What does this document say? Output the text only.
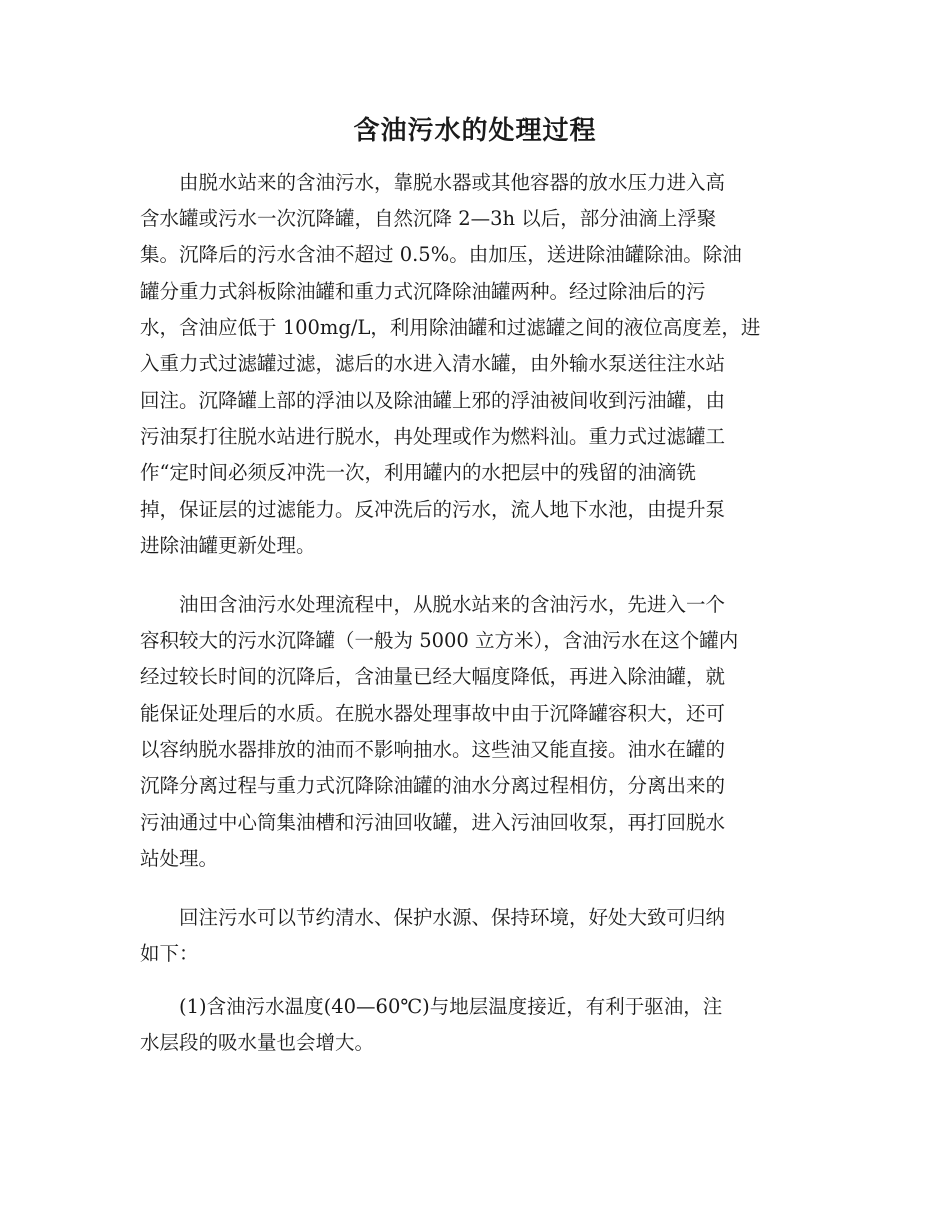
含油污水的处理过程
　　由脱水站来的含油污水，靠脱水器或其他容器的放水压力进入高
含水罐或污水一次沉降罐，自然沉降 2—3h 以后，部分油滴上浮聚
集。沉降后的污水含油不超过 0.5%。由加压，送进除油罐除油。除油
罐分重力式斜板除油罐和重力式沉降除油罐两种。经过除油后的污
水，含油应低于 100mg/L，利用除油罐和过滤罐之间的液位高度差，进
入重力式过滤罐过滤，滤后的水进入清水罐，由外输水泵送往注水站
回注。沉降罐上部的浮油以及除油罐上邪的浮油被间收到污油罐，由
污油泵打往脱水站进行脱水，冉处理或作为燃料汕。重力式过滤罐工
作“定时间必须反冲洗一次，利用罐内的水把层中的残留的油滴铣
掉，保证层的过滤能力。反冲洗后的污水，流人地下水池，由提升泵
进除油罐更新处理。
　　油田含油污水处理流程中，从脱水站来的含油污水，先进入一个
容积较大的污水沉降罐（一般为 5000 立方米），含油污水在这个罐内
经过较长时间的沉降后，含油量已经大幅度降低，再进入除油罐，就
能保证处理后的水质。在脱水器处理事故中由于沉降罐容积大，还可
以容纳脱水器排放的油而不影响抽水。这些油又能直接。油水在罐的
沉降分离过程与重力式沉降除油罐的油水分离过程相仿，分离出来的
污油通过中心筒集油槽和污油回收罐，进入污油回收泵，再打回脱水
站处理。
　　回注污水可以节约清水、保护水源、保持环境，好处大致可归纳
如下：
　　(1)含油污水温度(40—60℃)与地层温度接近，有利于驱油，注
水层段的吸水量也会增大。
